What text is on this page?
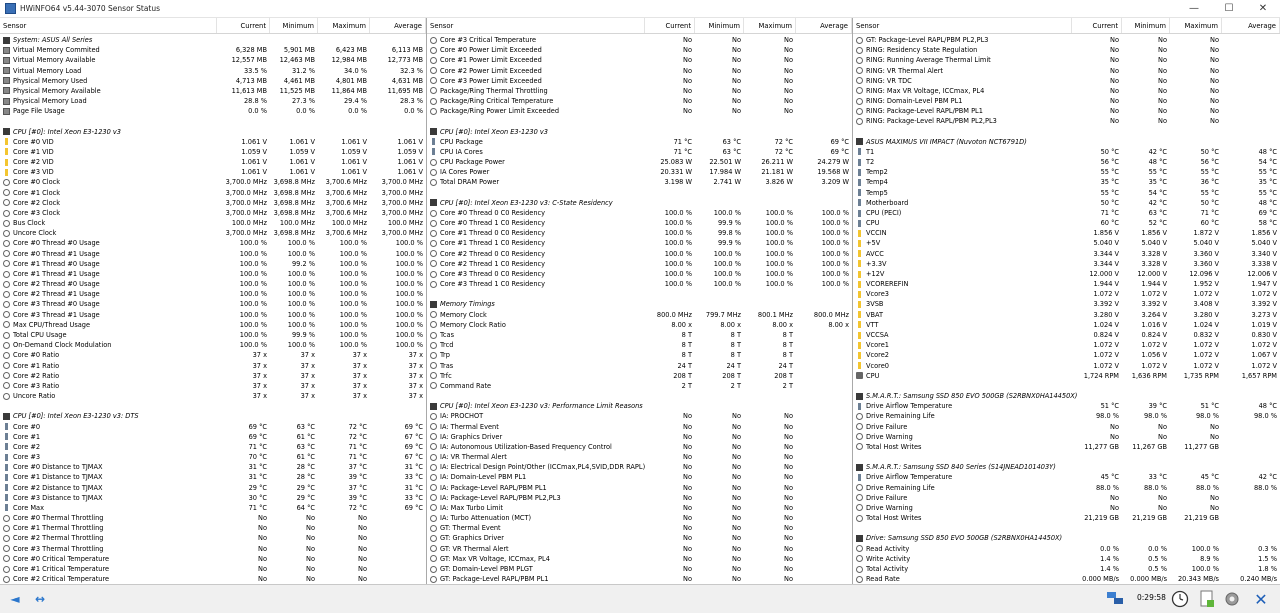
HWiNFO64 v5.44-3070 Sensor Status	—	☐	✕
Sensor	Current	Minimum	Maximum	Average
System: ASUS All Series
Virtual Memory Commited	6,328 MB	5,901 MB	6,423 MB	6,113 MB
Virtual Memory Available	12,557 MB	12,463 MB	12,984 MB	12,773 MB
Virtual Memory Load	33.5 %	31.2 %	34.0 %	32.3 %
Physical Memory Used	4,713 MB	4,461 MB	4,801 MB	4,631 MB
Physical Memory Available	11,613 MB	11,525 MB	11,864 MB	11,695 MB
Physical Memory Load	28.8 %	27.3 %	29.4 %	28.3 %
Page File Usage	0.0 %	0.0 %	0.0 %	0.0 %
CPU [#0]: Intel Xeon E3-1230 v3
Core #0 VID	1.061 V	1.061 V	1.061 V	1.061 V
Core #1 VID	1.059 V	1.059 V	1.059 V	1.059 V
Core #2 VID	1.061 V	1.061 V	1.061 V	1.061 V
Core #3 VID	1.061 V	1.061 V	1.061 V	1.061 V
Core #0 Clock	3,700.0 MHz	3,698.8 MHz	3,700.6 MHz	3,700.0 MHz
Core #1 Clock	3,700.0 MHz	3,698.8 MHz	3,700.6 MHz	3,700.0 MHz
Core #2 Clock	3,700.0 MHz	3,698.8 MHz	3,700.6 MHz	3,700.0 MHz
Core #3 Clock	3,700.0 MHz	3,698.8 MHz	3,700.6 MHz	3,700.0 MHz
Bus Clock	100.0 MHz	100.0 MHz	100.0 MHz	100.0 MHz
Uncore Clock	3,700.0 MHz	3,698.8 MHz	3,700.6 MHz	3,700.0 MHz
Core #0 Thread #0 Usage	100.0 %	100.0 %	100.0 %	100.0 %
Core #0 Thread #1 Usage	100.0 %	100.0 %	100.0 %	100.0 %
Core #1 Thread #0 Usage	100.0 %	99.2 %	100.0 %	100.0 %
Core #1 Thread #1 Usage	100.0 %	100.0 %	100.0 %	100.0 %
Core #2 Thread #0 Usage	100.0 %	100.0 %	100.0 %	100.0 %
Core #2 Thread #1 Usage	100.0 %	100.0 %	100.0 %	100.0 %
Core #3 Thread #0 Usage	100.0 %	100.0 %	100.0 %	100.0 %
Core #3 Thread #1 Usage	100.0 %	100.0 %	100.0 %	100.0 %
Max CPU/Thread Usage	100.0 %	100.0 %	100.0 %	100.0 %
Total CPU Usage	100.0 %	99.9 %	100.0 %	100.0 %
On-Demand Clock Modulation	100.0 %	100.0 %	100.0 %	100.0 %
Core #0 Ratio	37 x	37 x	37 x	37 x
Core #1 Ratio	37 x	37 x	37 x	37 x
Core #2 Ratio	37 x	37 x	37 x	37 x
Core #3 Ratio	37 x	37 x	37 x	37 x
Uncore Ratio	37 x	37 x	37 x	37 x
CPU [#0]: Intel Xeon E3-1230 v3: DTS
Core #0	69 °C	63 °C	72 °C	69 °C
Core #1	69 °C	61 °C	72 °C	67 °C
Core #2	71 °C	63 °C	71 °C	69 °C
Core #3	70 °C	61 °C	71 °C	67 °C
Core #0 Distance to TJMAX	31 °C	28 °C	37 °C	31 °C
Core #1 Distance to TJMAX	31 °C	28 °C	39 °C	33 °C
Core #2 Distance to TJMAX	29 °C	29 °C	37 °C	31 °C
Core #3 Distance to TJMAX	30 °C	29 °C	39 °C	33 °C
Core Max	71 °C	64 °C	72 °C	69 °C
Core #0 Thermal Throttling	No	No	No
Core #1 Thermal Throttling	No	No	No
Core #2 Thermal Throttling	No	No	No
Core #3 Thermal Throttling	No	No	No
Core #0 Critical Temperature	No	No	No
Core #1 Critical Temperature	No	No	No
Core #2 Critical Temperature	No	No	No
Sensor	Current	Minimum	Maximum	Average
Core #3 Critical Temperature	No	No	No
Core #0 Power Limit Exceeded	No	No	No
Core #1 Power Limit Exceeded	No	No	No
Core #2 Power Limit Exceeded	No	No	No
Core #3 Power Limit Exceeded	No	No	No
Package/Ring Thermal Throttling	No	No	No
Package/Ring Critical Temperature	No	No	No
Package/Ring Power Limit Exceeded	No	No	No
CPU [#0]: Intel Xeon E3-1230 v3
CPU Package	71 °C	63 °C	72 °C	69 °C
CPU IA Cores	71 °C	63 °C	72 °C	69 °C
CPU Package Power	25.083 W	22.501 W	26.211 W	24.279 W
IA Cores Power	20.331 W	17.984 W	21.181 W	19.568 W
Total DRAM Power	3.198 W	2.741 W	3.826 W	3.209 W
CPU [#0]: Intel Xeon E3-1230 v3: C-State Residency
Core #0 Thread 0 C0 Residency	100.0 %	100.0 %	100.0 %	100.0 %
Core #0 Thread 1 C0 Residency	100.0 %	99.9 %	100.0 %	100.0 %
Core #1 Thread 0 C0 Residency	100.0 %	99.8 %	100.0 %	100.0 %
Core #1 Thread 1 C0 Residency	100.0 %	99.9 %	100.0 %	100.0 %
Core #2 Thread 0 C0 Residency	100.0 %	100.0 %	100.0 %	100.0 %
Core #2 Thread 1 C0 Residency	100.0 %	100.0 %	100.0 %	100.0 %
Core #3 Thread 0 C0 Residency	100.0 %	100.0 %	100.0 %	100.0 %
Core #3 Thread 1 C0 Residency	100.0 %	100.0 %	100.0 %	100.0 %
Memory Timings
Memory Clock	800.0 MHz	799.7 MHz	800.1 MHz	800.0 MHz
Memory Clock Ratio	8.00 x	8.00 x	8.00 x	8.00 x
Tcas	8 T	8 T	8 T
Trcd	8 T	8 T	8 T
Trp	8 T	8 T	8 T
Tras	24 T	24 T	24 T
Trfc	208 T	208 T	208 T
Command Rate	2 T	2 T	2 T
CPU [#0]: Intel Xeon E3-1230 v3: Performance Limit Reasons
IA: PROCHOT	No	No	No
IA: Thermal Event	No	No	No
IA: Graphics Driver	No	No	No
IA: Autonomous Utilization-Based Frequency Control	No	No	No
IA: VR Thermal Alert	No	No	No
IA: Electrical Design Point/Other (ICCmax,PL4,SVID,DDR RAPL)	No	No	No
IA: Domain-Level PBM PL1	No	No	No
IA: Package-Level RAPL/PBM PL1	No	No	No
IA: Package-Level RAPL/PBM PL2,PL3	No	No	No
IA: Max Turbo Limit	No	No	No
IA: Turbo Attenuation (MCT)	No	No	No
GT: Thermal Event	No	No	No
GT: Graphics Driver	No	No	No
GT: VR Thermal Alert	No	No	No
GT: Max VR Voltage, ICCmax, PL4	No	No	No
GT: Domain-Level PBM PLGT	No	No	No
GT: Package-Level RAPL/PBM PL1	No	No	No
Sensor	Current	Minimum	Maximum	Average
GT: Package-Level RAPL/PBM PL2,PL3	No	No	No
RING: Residency State Regulation	No	No	No
RING: Running Average Thermal Limit	No	No	No
RING: VR Thermal Alert	No	No	No
RING: VR TDC	No	No	No
RING: Max VR Voltage, ICCmax, PL4	No	No	No
RING: Domain-Level PBM PL1	No	No	No
RING: Package-Level RAPL/PBM PL1	No	No	No
RING: Package-Level RAPL/PBM PL2,PL3	No	No	No
ASUS MAXIMUS VII IMPACT (Nuvoton NCT6791D)
T1	50 °C	42 °C	50 °C	48 °C
T2	56 °C	48 °C	56 °C	54 °C
Temp2	55 °C	55 °C	55 °C	55 °C
Temp4	35 °C	35 °C	36 °C	35 °C
Temp5	55 °C	54 °C	55 °C	55 °C
Motherboard	50 °C	42 °C	50 °C	48 °C
CPU (PECI)	71 °C	63 °C	71 °C	69 °C
CPU	60 °C	52 °C	60 °C	58 °C
VCCIN	1.856 V	1.856 V	1.872 V	1.856 V
+5V	5.040 V	5.040 V	5.040 V	5.040 V
AVCC	3.344 V	3.328 V	3.360 V	3.340 V
+3.3V	3.344 V	3.328 V	3.360 V	3.338 V
+12V	12.000 V	12.000 V	12.096 V	12.006 V
VCOREREFIN	1.944 V	1.944 V	1.952 V	1.947 V
Vcore3	1.072 V	1.072 V	1.072 V	1.072 V
3VSB	3.392 V	3.392 V	3.408 V	3.392 V
VBAT	3.280 V	3.264 V	3.280 V	3.273 V
VTT	1.024 V	1.016 V	1.024 V	1.019 V
VCCSA	0.824 V	0.824 V	0.832 V	0.830 V
Vcore1	1.072 V	1.072 V	1.072 V	1.072 V
Vcore2	1.072 V	1.056 V	1.072 V	1.067 V
Vcore0	1.072 V	1.072 V	1.072 V	1.072 V
CPU	1,724 RPM	1,636 RPM	1,735 RPM	1,657 RPM
S.M.A.R.T.: Samsung SSD 850 EVO 500GB (S2RBNX0HA14450X)
Drive Airflow Temperature	51 °C	39 °C	51 °C	48 °C
Drive Remaining Life	98.0 %	98.0 %	98.0 %	98.0 %
Drive Failure	No	No	No
Drive Warning	No	No	No
Total Host Writes	11,277 GB	11,267 GB	11,277 GB
S.M.A.R.T.: Samsung SSD 840 Series (S14JNEAD101403Y)
Drive Airflow Temperature	45 °C	33 °C	45 °C	42 °C
Drive Remaining Life	88.0 %	88.0 %	88.0 %	88.0 %
Drive Failure	No	No	No
Drive Warning	No	No	No
Total Host Writes	21,219 GB	21,219 GB	21,219 GB
Drive: Samsung SSD 850 EVO 500GB (S2RBNX0HA14450X)
Read Activity	0.0 %	0.0 %	100.0 %	0.3 %
Write Activity	1.4 %	0.5 %	8.9 %	1.5 %
Total Activity	1.4 %	0.5 %	100.0 %	1.8 %
Read Rate	0.000 MB/s	0.000 MB/s	20.343 MB/s	0.240 MB/s
◄	↔	0:29:58	✕
